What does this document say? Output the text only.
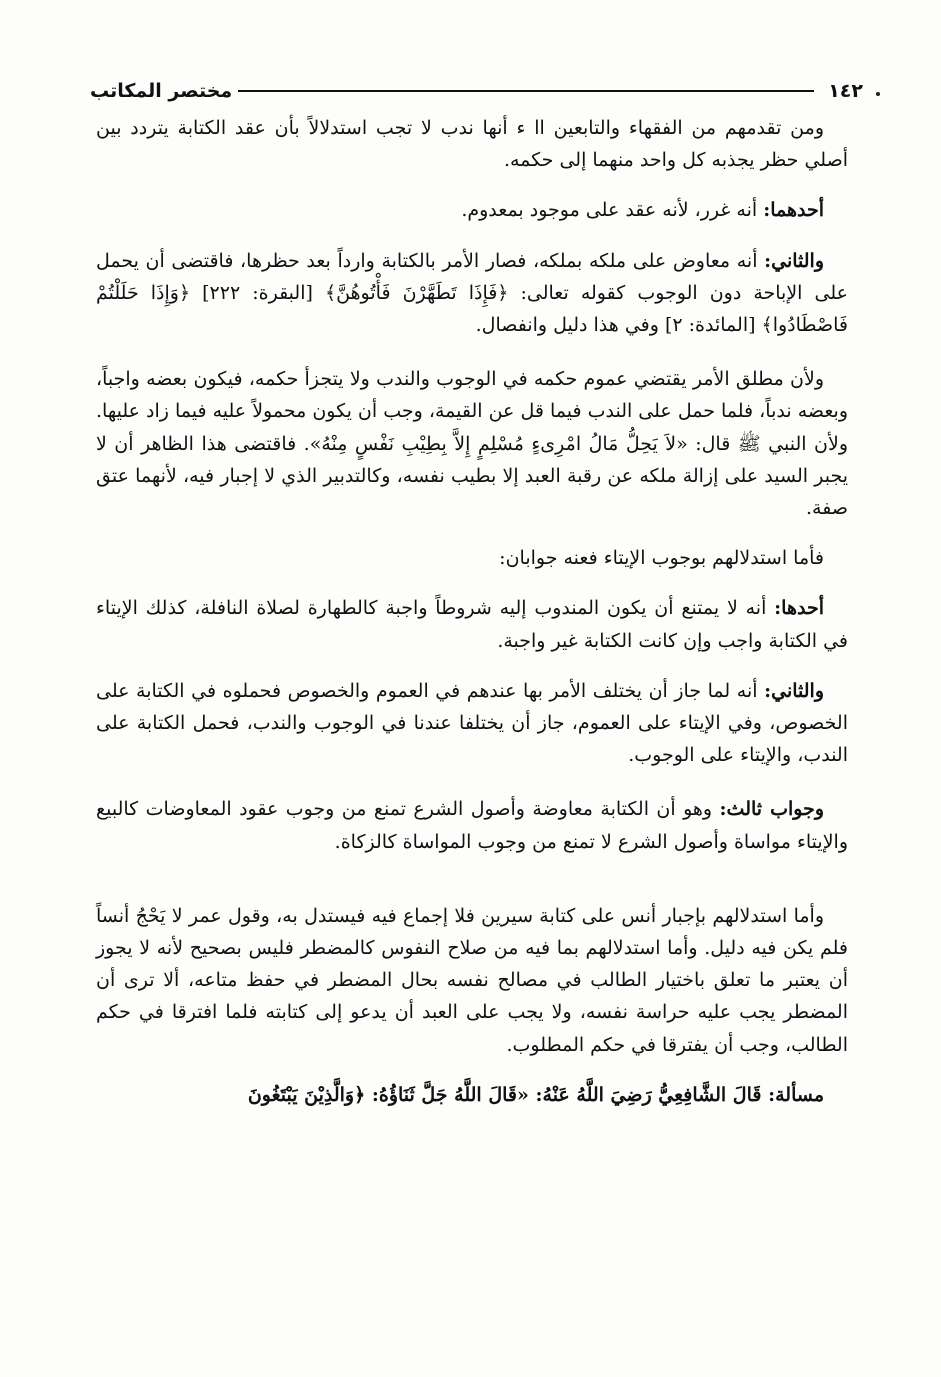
١٤٢
مختصر المكاتب

ومن تقدمهم من الفقهاء والتابعين ا‎ا ء أنها ندب لا تجب استدلالاً بأن عقد الكتابة يتردد بين أصلي حظر يجذبه كل واحد منهما إلى حكمه.

أحدهما: أنه غرر، لأنه عقد على موجود بمعدوم.

والثاني: أنه معاوض على ملكه بملكه، فصار الأمر بالكتابة وارداً بعد حظرها، فاقتضى أن يحمل على الإباحة دون الوجوب كقوله تعالى: ﴿فَإِذَا تَطَهَّرْنَ فَأْتُوهُنَّ﴾ [البقرة: ٢٢٢] ﴿وَإِذَا حَلَلْتُمْ فَاصْطَادُوا﴾ [المائدة: ٢] وفي هذا دليل وانفصال.

ولأن مطلق الأمر يقتضي عموم حكمه في الوجوب والندب ولا يتجزأ حكمه، فيكون بعضه واجباً، وبعضه ندباً، فلما حمل على الندب فيما قل عن القيمة، وجب أن يكون محمولاً عليه فيما زاد عليها. ولأن النبي ﷺ قال: «لاَ يَحِلُّ مَالُ امْرِىءٍ مُسْلِمٍ إِلاَّ بِطِيْبِ نَفْسٍ مِنْهُ». فاقتضى هذا الظاهر أن لا يجبر السيد على إزالة ملكه عن رقبة العبد إلا بطيب نفسه، وكالتدبير الذي لا إجبار فيه، لأنهما عتق صفة.

فأما استدلالهم بوجوب الإيتاء فعنه جوابان:

أحدها: أنه لا يمتنع أن يكون المندوب إليه شروطاً واجبة كالطهارة لصلاة النافلة، كذلك الإيتاء في الكتابة واجب وإن كانت الكتابة غير واجبة.

والثاني: أنه لما جاز أن يختلف الأمر بها عندهم في العموم والخصوص فحملوه في الكتابة على الخصوص، وفي الإيتاء على العموم، جاز أن يختلفا عندنا في الوجوب والندب، فحمل الكتابة على الندب، والإيتاء على الوجوب.

وجواب ثالث: وهو أن الكتابة معاوضة وأصول الشرع تمنع من وجوب عقود المعاوضات كالبيع والإيتاء مواساة وأصول الشرع لا تمنع من وجوب المواساة كالزكاة.

وأما استدلالهم بإجبار أنس على كتابة سيرين فلا إجماع فيه فيستدل به، وقول عمر لا يَحْجُ أنساً فلم يكن فيه دليل. وأما استدلالهم بما فيه من صلاح النفوس كالمضطر فليس بصحيح لأنه لا يجوز أن يعتبر ما تعلق باختيار الطالب في مصالح نفسه بحال المضطر في حفظ متاعه، ألا ترى أن المضطر يجب عليه حراسة نفسه، ولا يجب على العبد أن يدعو إلى كتابته فلما افترقا في حكم الطالب، وجب أن يفترقا في حكم المطلوب.

مسألة: قَالَ الشَّافِعِيُّ رَضِيَ اللَّهُ عَنْهُ: «قَالَ اللَّهُ جَلَّ ثَنَاؤُهُ: ﴿وَالَّذِيْنَ يَبْتَغُونَ
